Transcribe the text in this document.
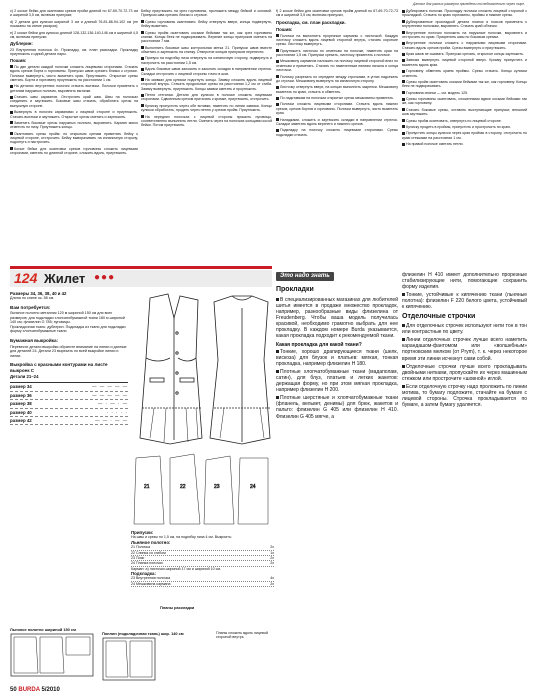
Данные для разных размеров приведены последовательно через тире.

с) 2 косые бейки для окантовки срезов пройм длиной по 67-69-70-72-73 см и шириной 3,5 см, включая припуски;

d) 2 детали для кулиски шириной 3 см и длиной 76-81-86-94-102 см (не показаны на схеме раскроя);

е) 2 косые бейки для кулисок длиной 128-132-136-140-146 см и шириной 4,5 см, включая припуски.

Дублерин:

23 Внутренняя полочка 4х. Прокладку, см. план раскладки. Прокладку приутюжить к одной детали пары.

Пошив:

По две детали каждой полочки сложить лицевыми сторонами. Стачать вдоль срезов борта и горловины. Припуски швов срезать близко к строчке. Полочки вывернуть, чисто выметать края. Приутюжить. Открытые срезы сметать. Борта и горловину проутюжить на расстоянии 1 см.

На деталях внутренних полочек стачать вытачки. Полочки приметать к деталям наружных полочек, выровнять вытачки.

Стачать швы карманов. Отстрочить край шва. Швы на полочках соединить и заутюжить. Боковые швы стачать, обработать срезы на выпускную стороне.

Вывернуть в полочек карманами к лицевой стороне и приутюжить. Стачать вытачки и заутюжить. Открытые срезы сметать и заутюжить.

Заметать боковые срезы наружных полочек, выровнять. Карман мягко отметить по низу. Приутюжить концы.

Окантовать срезы пройм: по открытым срезам приметать бейку к лицевой стороне, отстрочить. Бейку выворачивать на изнаночную сторону, подогнуть и настрочить.

Косые бейки для окантовки срезов горловины сложить лицевыми сторонами, сметать по длинной стороне, сложить вдоль, приутюжить.

Бейку приутюжить на срез горловины, проложить между бейкой и основой. Припуски шва срезать близко к строчке.

Срезы горловины окантовать: бейку отвернуть вверх, концы подвернуть, бейку выметать.

Срезы пройм окантовать косыми бейками так же, как срез горловины спинки. Концы беек не подворачивать. Верхние концы припусков сметать на расстоянии 7 мм.

Выполнить боковые швы контрольная метка 21. Припуски швов вместе обметать и заутюжить на спинку. Отверстие концов припусков перенести.

Припуск на подгибку низа отвернуть на изнаночную сторону, подвернуть и настрочить на расстоянии 1,5 см.

Вдоль боковых швов заложить и заколоть складки в направлении стрелок. Складки отстрочить с лицевой стороны точно в шов.

На заявках для кулиски подогнуть концы. Заявку сложить вдоль лицевой стороной внутрь. Стачать продольные срезы на расстоянии 1,2 см от сгиба. Заявку вывернуть, приутюжить. Концы заявки сметать и проутюжить.

Петля стеганая. Детали для кулиски в полоске сложить лицевыми сторонами. Сдвоенным срезом притачать к кромке, приутюжить, отстрочить.

Кулиску пропустить через обе вставки, наметить по линии завязок. Концы кулиски обработать, продеть через петлю у срезов пройм. Приутюжить.

На передних полочках с лицевой стороны пришить пуговицы, соответственно выполнить петли. Сметать через на полочках кольцами косой бейки. Потом приутюжить.

f) 2 косые бейки для окантовки срезов пройм длиной по 67-69-70-72-73 см и шириной 3,5 см, включая припуски;

Прокладка, см. план раскладки.
Пошив:

Полочки на выполнить прорезные карманы с листочкой. Каждую листочку сложить вдоль лицевой стороной внутрь, стачать короткие срезы. Листочку вывернуть.

Приутюжить листочки по отметкам на полочке, наметить края на расстоянии 1,5 см. Припуски срезать, листочку приметать к полочке.

Мешковину карманов наложить на полочку лицевой стороной вниз по отметкам и приметать. Стачать по намеченным линиям начала и конца листочки.

Полочку разрезать по середине между строчками, в углах надсекать до строчки. Мешковину вывернуть на изнаночную сторону.

Листочку отвернуть вверх, на концах выполнить закрепки. Мешковину выметать по краю, стачать и обметать.

По надставкам на полочках открытые срезы мешковины приметать.

Полочки сложить лицевыми сторонами. Стачать вдоль нижних срезов, срезов бортов и горловины. Полочки вывернуть, чисто выметать края.

Наладками, сложить и заутюжить складки в направлении стрелок. Складки заметать вдоль верхнего и нижнего срезов.

Подкладку на полочку сложить лицевыми сторонами. Срезы подкладки стачать.

Дублировать полочки. Прокладку полочки сложить лицевой стороной с прокладкой. Стачать по краю горловины, проймы и нижние срезы.

Дублированные прокладкой детали планок и поясов приметать к внутренним полочкам, выровнять. Стачать край обтачки.

Внутренние полочки положить на наружные полочки, выровнять и отстрочить по краю. Прикрепить швы по боковым срезам.

Внутренние полочки сложить с наружными лицевыми сторонами. Стачать вдоль срезов пройм. Срезы вывернуть и приутюжить.

Края швов не сшивать. Припуски срезать, открытые концы заутюжить.

Завязки вывернуть лицевой стороной вверх. Кромку припустить и выметать вдоль края.

Горловину обметать краем проймы. Срезы стачать. Концы кулиски отметить.

Срезы пройм окантовать косыми бейками так же, как горловину. Концы беек не подворачивать.

Горловина спинки — см. модель 125.

Срезы горловины окантовать, сложенными вдвое косыми бейками так же, как горловину.

Стачать боковые срезы, оставить выступающие припуски; внешний шов заутюжить.

Срезы пройм окантовать, отвернуть по лицевой стороне.

Кулиску продеть в проймы, припустить и прострочить по краю.

Пропустить концы кулиски через края проймы в сторону, отстрочить по краю стежками на расстоянии 1 см.

На правой полочке сметать петли.

124 Жилет ●●●
Размеры 34, 36, 38, 40 и 42
Длина по спине ок. 58 см.
Вам потребуется:

Льняное полотно металлик 120 м шириной 150 см для всех размеров; для подкладки хлопчатобумажной ткани 180 м шириной 140 см; флизелин G 785; пуговицы.

Прокладочная ткань: дублерин. Подкладка из ткани для подкладки форму хлопчатобумажные ткани.

Бумажная выкройка:

Перевести детали выкройки обратите внимание на линии и данные для деталей 24. Детали 23 вырезать по всей выкройке линии и линии.

Выкройка с красными контурами на листе выкроек С
Детали 21–24
размер 34	— — — — —
размер 36	— — — — —
размер 38	— · — · —
размер 40	· · · · ·
размер 42	— — · — —
21	22	23	24
Припуски:

На швы и срезы по 1,5 см, на подгибку низа 4 см. Выкроить:

Льняное полотно:
21 Полочка	2х
22 Спинка со сгибом	1х
23 Пояс	2х
24 Планка полочки	2х

Карман: а) листочки шириной 17 см и шириной 10 см.

Подкладка:
23 Внутренняя полочка	4х
24 Мешковина кармана	2х
Льняное полотно шириной 150 см
Поплин (подкладочная ткань) шир. 140 см
Планы раскладки
Планы сложить вдоль лицевой стороной внутрь
Это надо знать
Прокладки

В специализированных магазинах для любителей шитья имеется в продаже множество прокладок, например, разнообразные виды флизелина от Freudenberg. Чтобы ваша модель получилась красивой, необходимо грамотно выбрать для нее прокладку. В каждом номере Burda указывается, какая прокладка подходит к рекомендуемой ткани.

Какая прокладка для какой ткани?

Тонкие, хорошо драпирующиеся ткани (шелк, вискоза) для блузок и платьев: мягкая, тонкая прокладка, например флизелин H 180.

Плотные хлопчатобумажные ткани (мадаполам, сатин), для блуз, платьев и легких жакетов: держащая форму, но при этом мягкая прокладка, например флизелин H 200.

Плотные шерстяные и хлопчатобумажные ткани (фланель, вельвет, денимы) для брюк, жакетов и пальто: флизелин G 405 или флизелин H 410. Флизелин G 405 мягче, а

флизелин H 410 имеет дополнительно прорезные стабилизирующие нити, помогающие сохранить форму изделия.

Тонкие, устойчивые к кипячению ткани (льняные полотна): флизелин F 220 белого цвета, устойчивый к кипячению.

Отделочные строчки

Для отделочных строчек используют нити тон в тон или контрастные по цвету.

Линии отделочных строчек лучше всего наметить карандашом-фантомом или «волшебным» портновским мелком (от Prym), т. к. через некоторое время эти линии исчезнут сами собой.

Отделочные строчки лучше всего прокладывать двойными нитками, пропускайте их через машинным стежком или прострочите «шовной» иглой.

Если отделочную строчку надо проложить по линии мотива, то бумагу подложите, стачайте на бумаге с лицевой стороны. Строчка прокладывается по бумаге, а затем бумагу удаляется.

50 BURDA 5/2010
